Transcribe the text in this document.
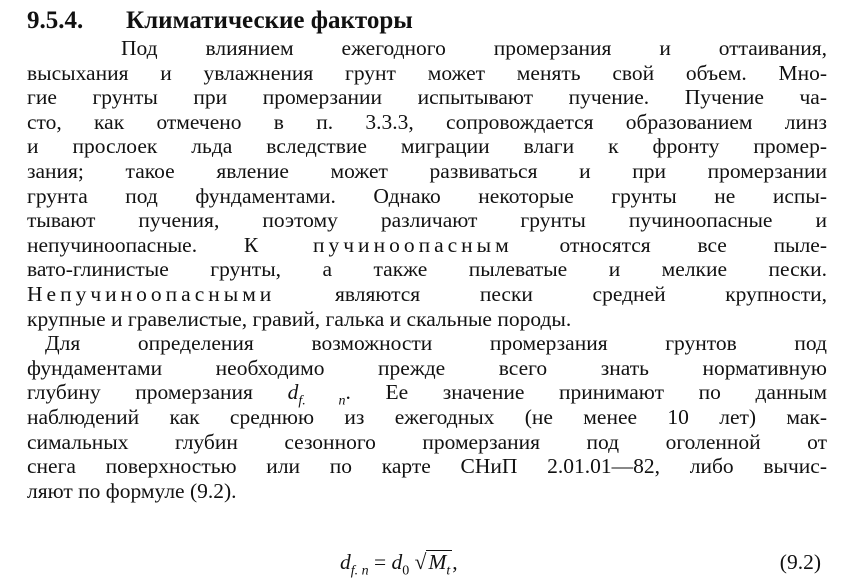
9.5.4. Климатические факторы
Под влиянием ежегодного промерзания и оттаивания,
высыхания и увлажнения грунт может менять свой объем. Мно-
гие грунты при промерзании испытывают пучение. Пучение ча-
сто, как отмечено в п. 3.3.3, сопровождается образованием линз
и прослоек льда вследствие миграции влаги к фронту промер-
зания; такое явление может развиваться и при промерзании
грунта под фундаментами. Однако некоторые грунты не испы-
тывают пучения, поэтому различают грунты пучиноопасные и
непучиноопасные. К пучиноопасным относятся все пыле-
вато-глинистые грунты, а также пылеватые и мелкие пески.
Непучиноопасными	являются пески средней крупности,
крупные и гравелистые, гравий, галька и скальные породы.
Для определения возможности промерзания грунтов под
фундаментами необходимо прежде всего знать нормативную
глубину промерзания $d_{f. n}$. Ее значение принимают по данным
наблюдений как среднюю из ежегодных (не менее 10 лет) мак-
симальных глубин сезонного промерзания под оголенной от
снега поверхностью или по карте СНиП 2.01.01—82, либо вычис-
ляют по формуле (9.2).
$d_{f. n} = d_0$ $√M_t$,	(9.2)
